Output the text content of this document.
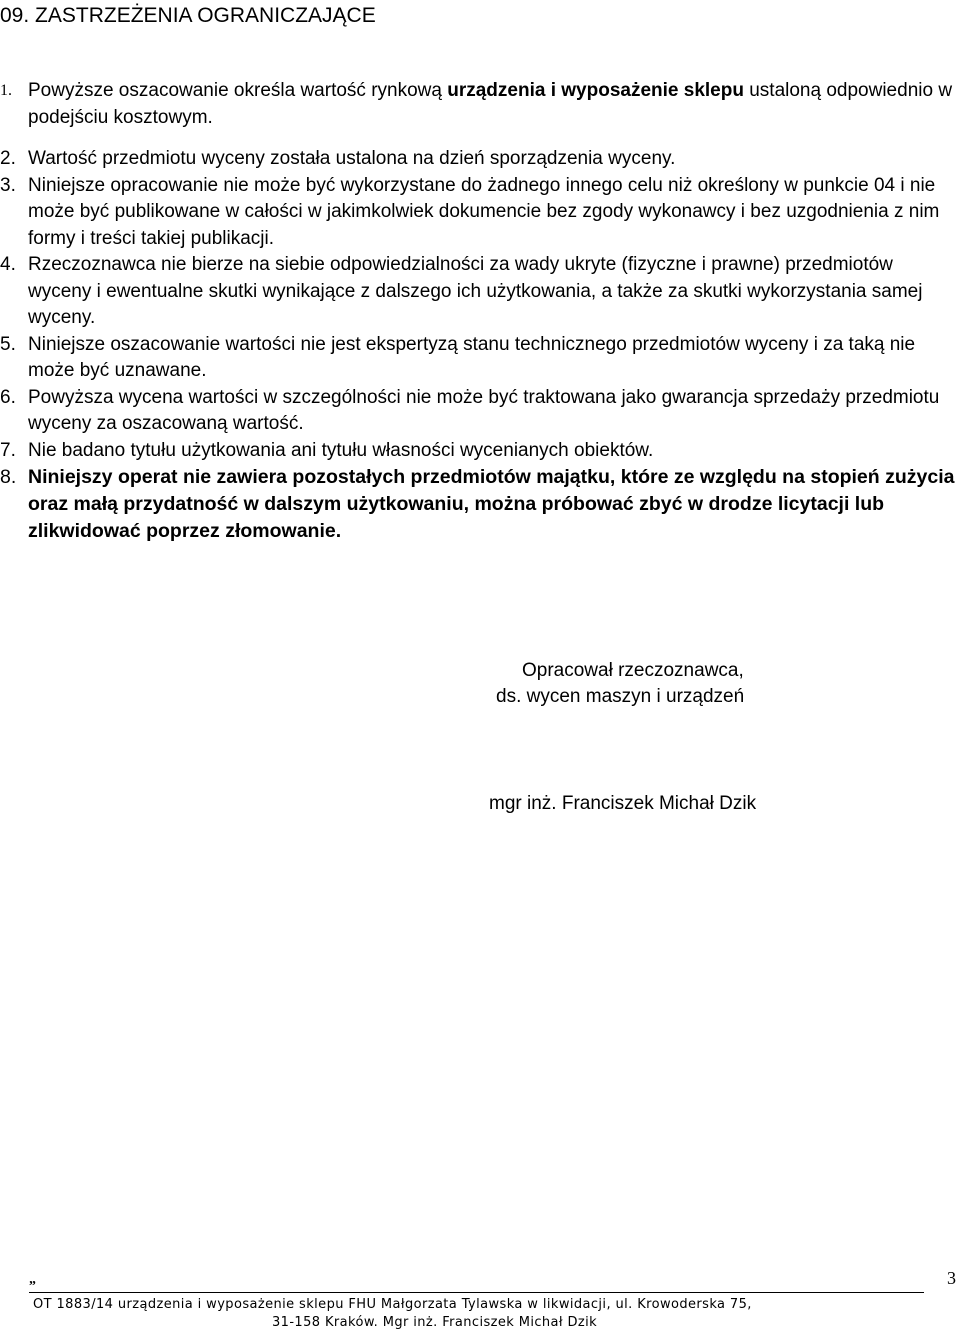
09. ZASTRZEŻENIA OGRANICZAJĄCE
1. Powyższe oszacowanie określa wartość rynkową urządzenia i wyposażenie sklepu ustaloną odpowiednio w podejściu kosztowym.
2. Wartość przedmiotu wyceny została ustalona na dzień sporządzenia wyceny.
3. Niniejsze opracowanie nie może być wykorzystane do żadnego innego celu niż określony w punkcie 04 i nie może być publikowane w całości w jakimkolwiek dokumencie bez zgody wykonawcy i bez uzgodnienia z nim formy i treści takiej publikacji.
4. Rzeczoznawca nie bierze na siebie odpowiedzialności za wady ukryte (fizyczne i prawne) przedmiotów wyceny i ewentualne skutki wynikające z dalszego ich użytkowania, a także za skutki wykorzystania samej wyceny.
5. Niniejsze oszacowanie wartości nie jest ekspertyzą stanu technicznego przedmiotów wyceny i za taką nie może być uznawane.
6. Powyższa wycena wartości w szczególności nie może być traktowana jako gwarancja sprzedaży przedmiotu wyceny za oszacowaną wartość.
7. Nie badano tytułu użytkowania ani tytułu własności wycenianych obiektów.
8. Niniejszy operat nie zawiera pozostałych przedmiotów majątku, które ze względu na stopień zużycia oraz małą przydatność w dalszym użytkowaniu, można próbować zbyć w drodze licytacji lub zlikwidować poprzez złomowanie.
Opracował rzeczoznawca,
ds. wycen maszyn i urządzeń
mgr inż. Franciszek Michał Dzik
„	3
OT 1883/14 urządzenia i wyposażenie sklepu FHU Małgorzata Tylawska w likwidacji, ul. Krowoderska 75,
31-158 Kraków. Mgr inż. Franciszek Michał Dzik
